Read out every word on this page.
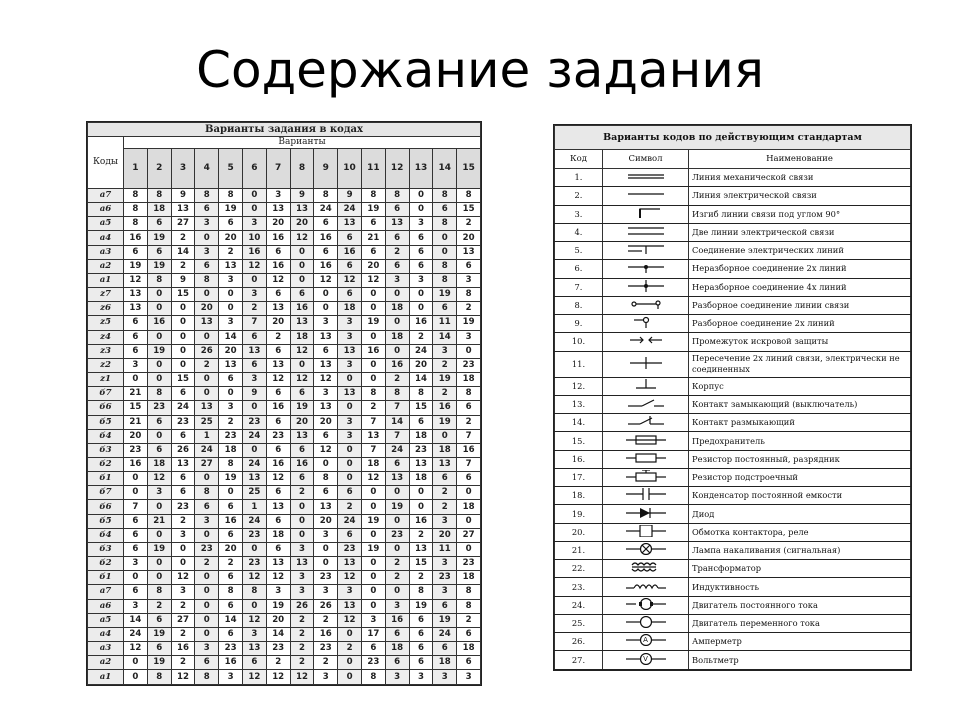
Содержание задания
Варианты задания в кодах															
Коды	Варианты														
	1	2	3	4	5	6	7	8	9	10	11	12	13	14	15
а7	8	8	9	8	8	0	3	9	8	9	8	8	0	8	8
а6	8	18	13	6	19	0	13	13	24	24	19	6	0	6	15
а5	8	6	27	3	6	3	20	20	6	13	6	13	3	8	2
а4	16	19	2	0	20	10	16	12	16	6	21	6	6	0	20
а3	6	6	14	3	2	16	6	0	6	16	6	2	6	0	13
а2	19	19	2	6	13	12	16	0	16	6	20	6	6	8	6
а1	12	8	9	8	3	0	12	0	12	12	12	3	3	8	3
z7	13	0	15	0	0	3	6	6	0	6	0	0	0	19	8
z6	13	0	0	20	0	2	13	16	0	18	0	18	0	6	2
z5	6	16	0	13	3	7	20	13	3	3	19	0	16	11	19
z4	6	0	0	0	14	6	2	18	13	3	0	18	2	14	3
z3	6	19	0	26	20	13	6	12	6	13	16	0	24	3	0
z2	3	0	0	2	13	6	13	0	13	3	0	16	20	2	23
z1	0	0	15	0	6	3	12	12	12	0	0	2	14	19	18
б7	21	8	6	0	0	9	6	6	3	13	8	8	8	2	8
б6	15	23	24	13	3	0	16	19	13	0	2	7	15	16	6
б5	21	6	23	25	2	23	6	20	20	3	7	14	6	19	2
б4	20	0	6	1	23	24	23	13	6	3	13	7	18	0	7
б3	23	6	26	24	18	0	6	6	12	0	7	24	23	18	16
б2	16	18	13	27	8	24	16	16	0	0	18	6	13	13	7
б1	0	12	6	0	19	13	12	6	8	0	12	13	18	6	6
б7	0	3	6	8	0	25	6	2	6	6	0	0	0	2	0
б6	7	0	23	6	6	1	13	0	13	2	0	19	0	2	18
б5	6	21	2	3	16	24	6	0	20	24	19	0	16	3	0
б4	6	0	3	0	6	23	18	0	3	6	0	23	2	20	27
б3	6	19	0	23	20	0	6	3	0	23	19	0	13	11	0
б2	3	0	0	2	2	23	13	13	0	13	0	2	15	3	23
б1	0	0	12	0	6	12	12	3	23	12	0	2	2	23	18
а7	6	8	3	0	8	8	3	3	3	3	0	0	8	3	8
а6	3	2	2	0	6	0	19	26	26	13	0	3	19	6	8
а5	14	6	27	0	14	12	20	2	2	12	3	16	6	19	2
а4	24	19	2	0	6	3	14	2	16	0	17	6	6	24	6
а3	12	6	16	3	23	13	23	2	23	2	6	18	6	6	18
а2	0	19	2	6	16	6	2	2	2	0	23	6	6	18	6
а1	0	8	12	8	3	12	12	12	3	0	8	3	3	3	3
Варианты кодов по действующим стандартам		
Код	Символ	Наименование
1.		Линия механической связи
2.		Линия электрической связи
3.		Изгиб линии связи под углом 90°
4.		Две линии электрической связи
5.		Соединение электрических линий
6.		Неразборное соединение 2х линий
7.		Неразборное соединение 4х линий
8.		Разборное соединение линии связи
9.		Разборное соединение 2х линий
10.		Промежуток искровой защиты
11.		Пересечение 2х линий связи, электрически не соединенных
12.		Корпус
13.		Контакт замыкающий (выключатель)
14.		Контакт размыкающий
15.		Предохранитель
16.		Резистор постоянный, разрядник
17.		Резистор подстроечный
18.		Конденсатор постоянной емкости
19.		Диод
20.		Обмотка контактора, реле
21.		Лампа накаливания (сигнальная)
22.		Трансформатор
23.		Индуктивность
24.		Двигатель постоянного тока
25.		Двигатель переменного тока
26.	A	Амперметр
27.	V	Вольтметр
